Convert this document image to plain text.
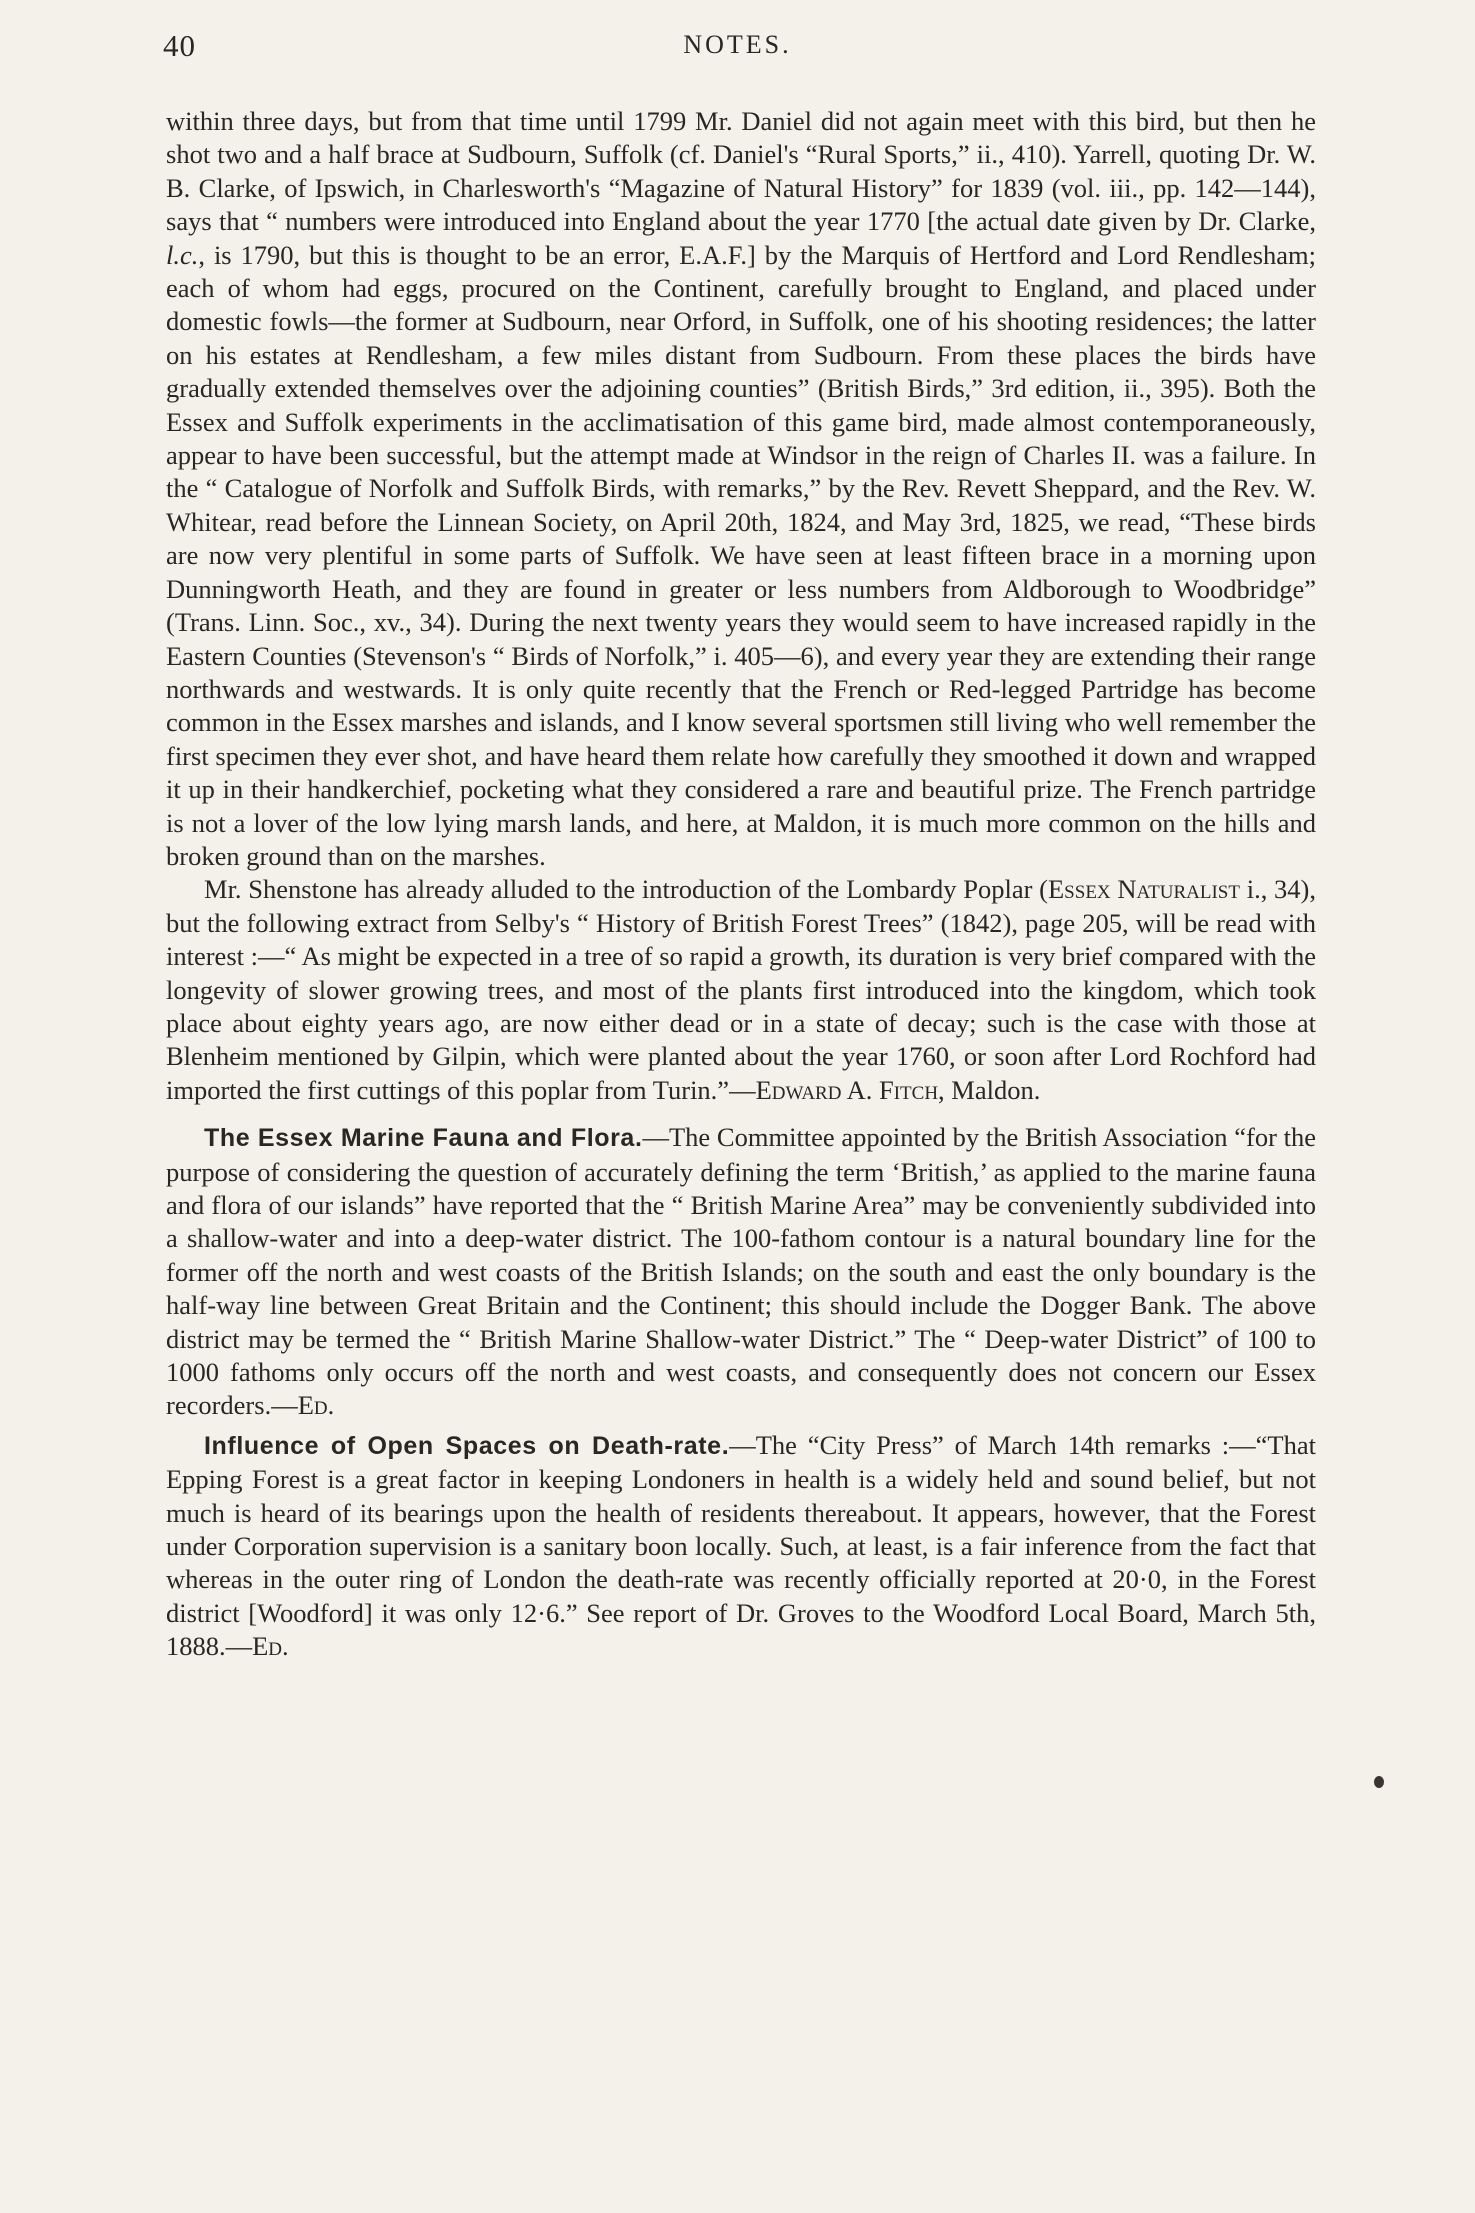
40	NOTES.

within three days, but from that time until 1799 Mr. Daniel did not again meet with this bird, but then he shot two and a half brace at Sudbourn, Suffolk (cf. Daniel's “Rural Sports,” ii., 410). Yarrell, quoting Dr. W. B. Clarke, of Ipswich, in Charlesworth's “Magazine of Natural History” for 1839 (vol. iii., pp. 142—144), says that “ numbers were introduced into England about the year 1770 [the actual date given by Dr. Clarke, l.c., is 1790, but this is thought to be an error, E.A.F.] by the Marquis of Hertford and Lord Rendlesham; each of whom had eggs, procured on the Continent, carefully brought to England, and placed under domestic fowls—the former at Sudbourn, near Orford, in Suffolk, one of his shooting residences; the latter on his estates at Rendlesham, a few miles distant from Sudbourn. From these places the birds have gradually extended themselves over the adjoining counties” (British Birds,” 3rd edition, ii., 395). Both the Essex and Suffolk experiments in the acclimatisation of this game bird, made almost contemporaneously, appear to have been successful, but the attempt made at Windsor in the reign of Charles II. was a failure. In the “ Catalogue of Norfolk and Suffolk Birds, with remarks,” by the Rev. Revett Sheppard, and the Rev. W. Whitear, read before the Linnean Society, on April 20th, 1824, and May 3rd, 1825, we read, “These birds are now very plentiful in some parts of Suffolk. We have seen at least fifteen brace in a morning upon Dunningworth Heath, and they are found in greater or less numbers from Aldborough to Woodbridge” (Trans. Linn. Soc., xv., 34). During the next twenty years they would seem to have increased rapidly in the Eastern Counties (Stevenson's “ Birds of Norfolk,” i. 405—6), and every year they are extending their range northwards and westwards. It is only quite recently that the French or Red-legged Partridge has become common in the Essex marshes and islands, and I know several sportsmen still living who well remember the first specimen they ever shot, and have heard them relate how carefully they smoothed it down and wrapped it up in their handkerchief, pocketing what they considered a rare and beautiful prize. The French partridge is not a lover of the low lying marsh lands, and here, at Maldon, it is much more common on the hills and broken ground than on the marshes.

Mr. Shenstone has already alluded to the introduction of the Lombardy Poplar (Essex Naturalist i., 34), but the following extract from Selby's “ History of British Forest Trees” (1842), page 205, will be read with interest :—“ As might be expected in a tree of so rapid a growth, its duration is very brief compared with the longevity of slower growing trees, and most of the plants first introduced into the kingdom, which took place about eighty years ago, are now either dead or in a state of decay; such is the case with those at Blenheim mentioned by Gilpin, which were planted about the year 1760, or soon after Lord Rochford had imported the first cuttings of this poplar from Turin.”—Edward A. Fitch, Maldon.

The Essex Marine Fauna and Flora.—The Committee appointed by the British Association “for the purpose of considering the question of accurately defining the term ‘British,’ as applied to the marine fauna and flora of our islands” have reported that the “ British Marine Area” may be conveniently subdivided into a shallow-water and into a deep-water district. The 100-fathom contour is a natural boundary line for the former off the north and west coasts of the British Islands; on the south and east the only boundary is the half-way line between Great Britain and the Continent; this should include the Dogger Bank. The above district may be termed the “ British Marine Shallow-water District.” The “ Deep-water District” of 100 to 1000 fathoms only occurs off the north and west coasts, and consequently does not concern our Essex recorders.—Ed.

Influence of Open Spaces on Death-rate.—The “City Press” of March 14th remarks :—“That Epping Forest is a great factor in keeping Londoners in health is a widely held and sound belief, but not much is heard of its bearings upon the health of residents thereabout. It appears, however, that the Forest under Corporation supervision is a sanitary boon locally. Such, at least, is a fair inference from the fact that whereas in the outer ring of London the death-rate was recently officially reported at 20·0, in the Forest district [Woodford] it was only 12·6.” See report of Dr. Groves to the Woodford Local Board, March 5th, 1888.—Ed.
